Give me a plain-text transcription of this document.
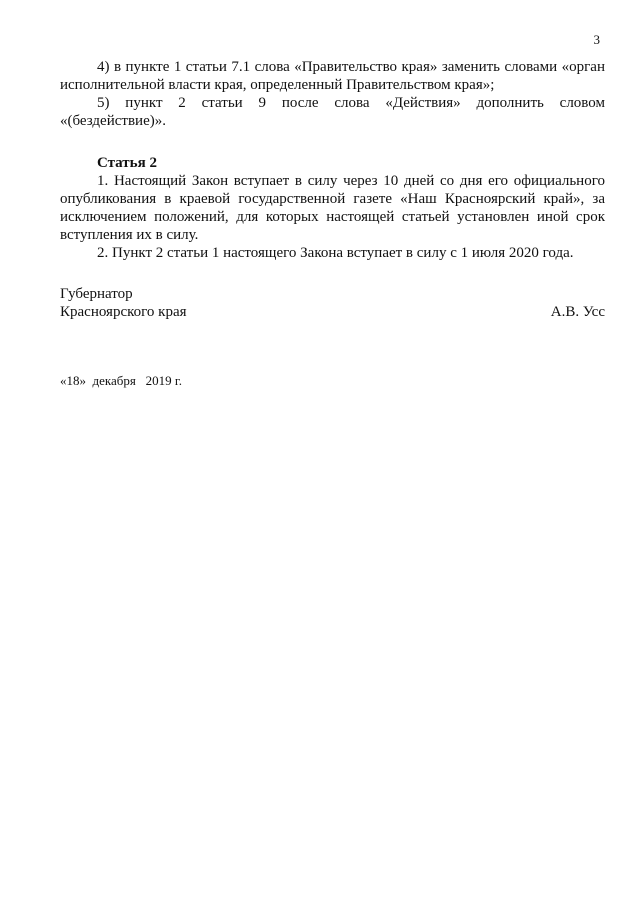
3

4) в пункте 1 статьи 7.1 слова «Правительство края» заменить словами «орган исполнительной власти края, определенный Правительством края»;

5) пункт 2 статьи 9 после слова «Действия» дополнить словом

«(бездействие)».

Статья 2

1. Настоящий Закон вступает в силу через 10 дней со дня его официального опубликования в краевой государственной газете «Наш Красноярский край», за исключением положений, для которых настоящей статьей установлен иной срок вступления их в силу.

2. Пункт 2 статьи 1 настоящего Закона вступает в силу с 1 июля 2020 года.

Губернатор
Красноярского края	А.В. Усс
«18»  декабря   2019 г.
